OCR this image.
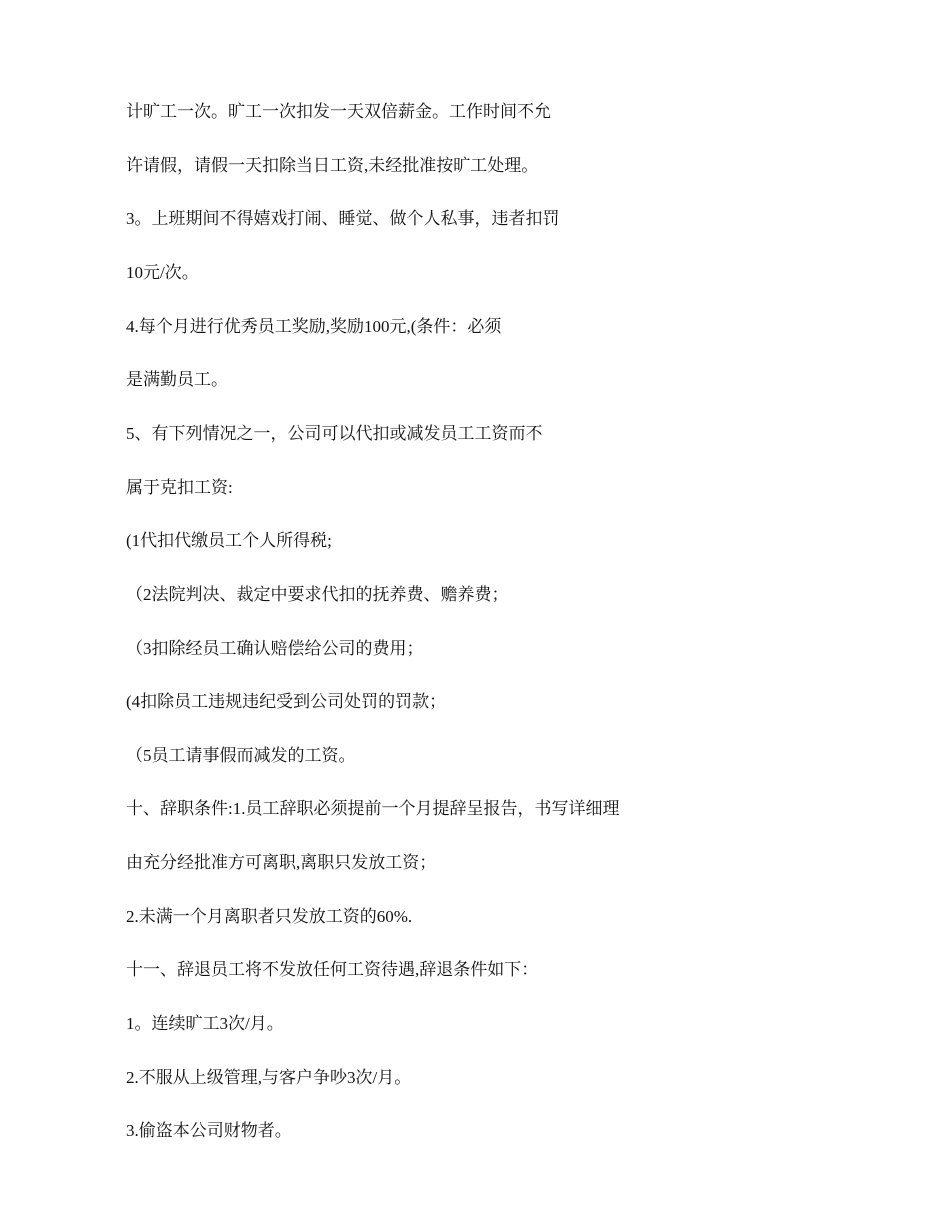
计旷工一次。旷工一次扣发一天双倍薪金。工作时间不允
许请假，请假一天扣除当日工资,未经批准按旷工处理。
3。上班期间不得嬉戏打闹、睡觉、做个人私事，违者扣罚
10元/次。
4.每个月进行优秀员工奖励,奖励100元,(条件：必须
是满勤员工。
5、有下列情况之一，公司可以代扣或减发员工工资而不
属于克扣工资:
(1代扣代缴员工个人所得税;
（2法院判决、裁定中要求代扣的抚养费、赡养费；
（3扣除经员工确认赔偿给公司的费用；
(4扣除员工违规违纪受到公司处罚的罚款；
（5员工请事假而减发的工资。
十、辞职条件:1.员工辞职必须提前一个月提辞呈报告，书写详细理
由充分经批准方可离职,离职只发放工资；
2.未满一个月离职者只发放工资的60%.
十一、辞退员工将不发放任何工资待遇,辞退条件如下：
1。连续旷工3次/月。
2.不服从上级管理,与客户争吵3次/月。
3.偷盗本公司财物者。
